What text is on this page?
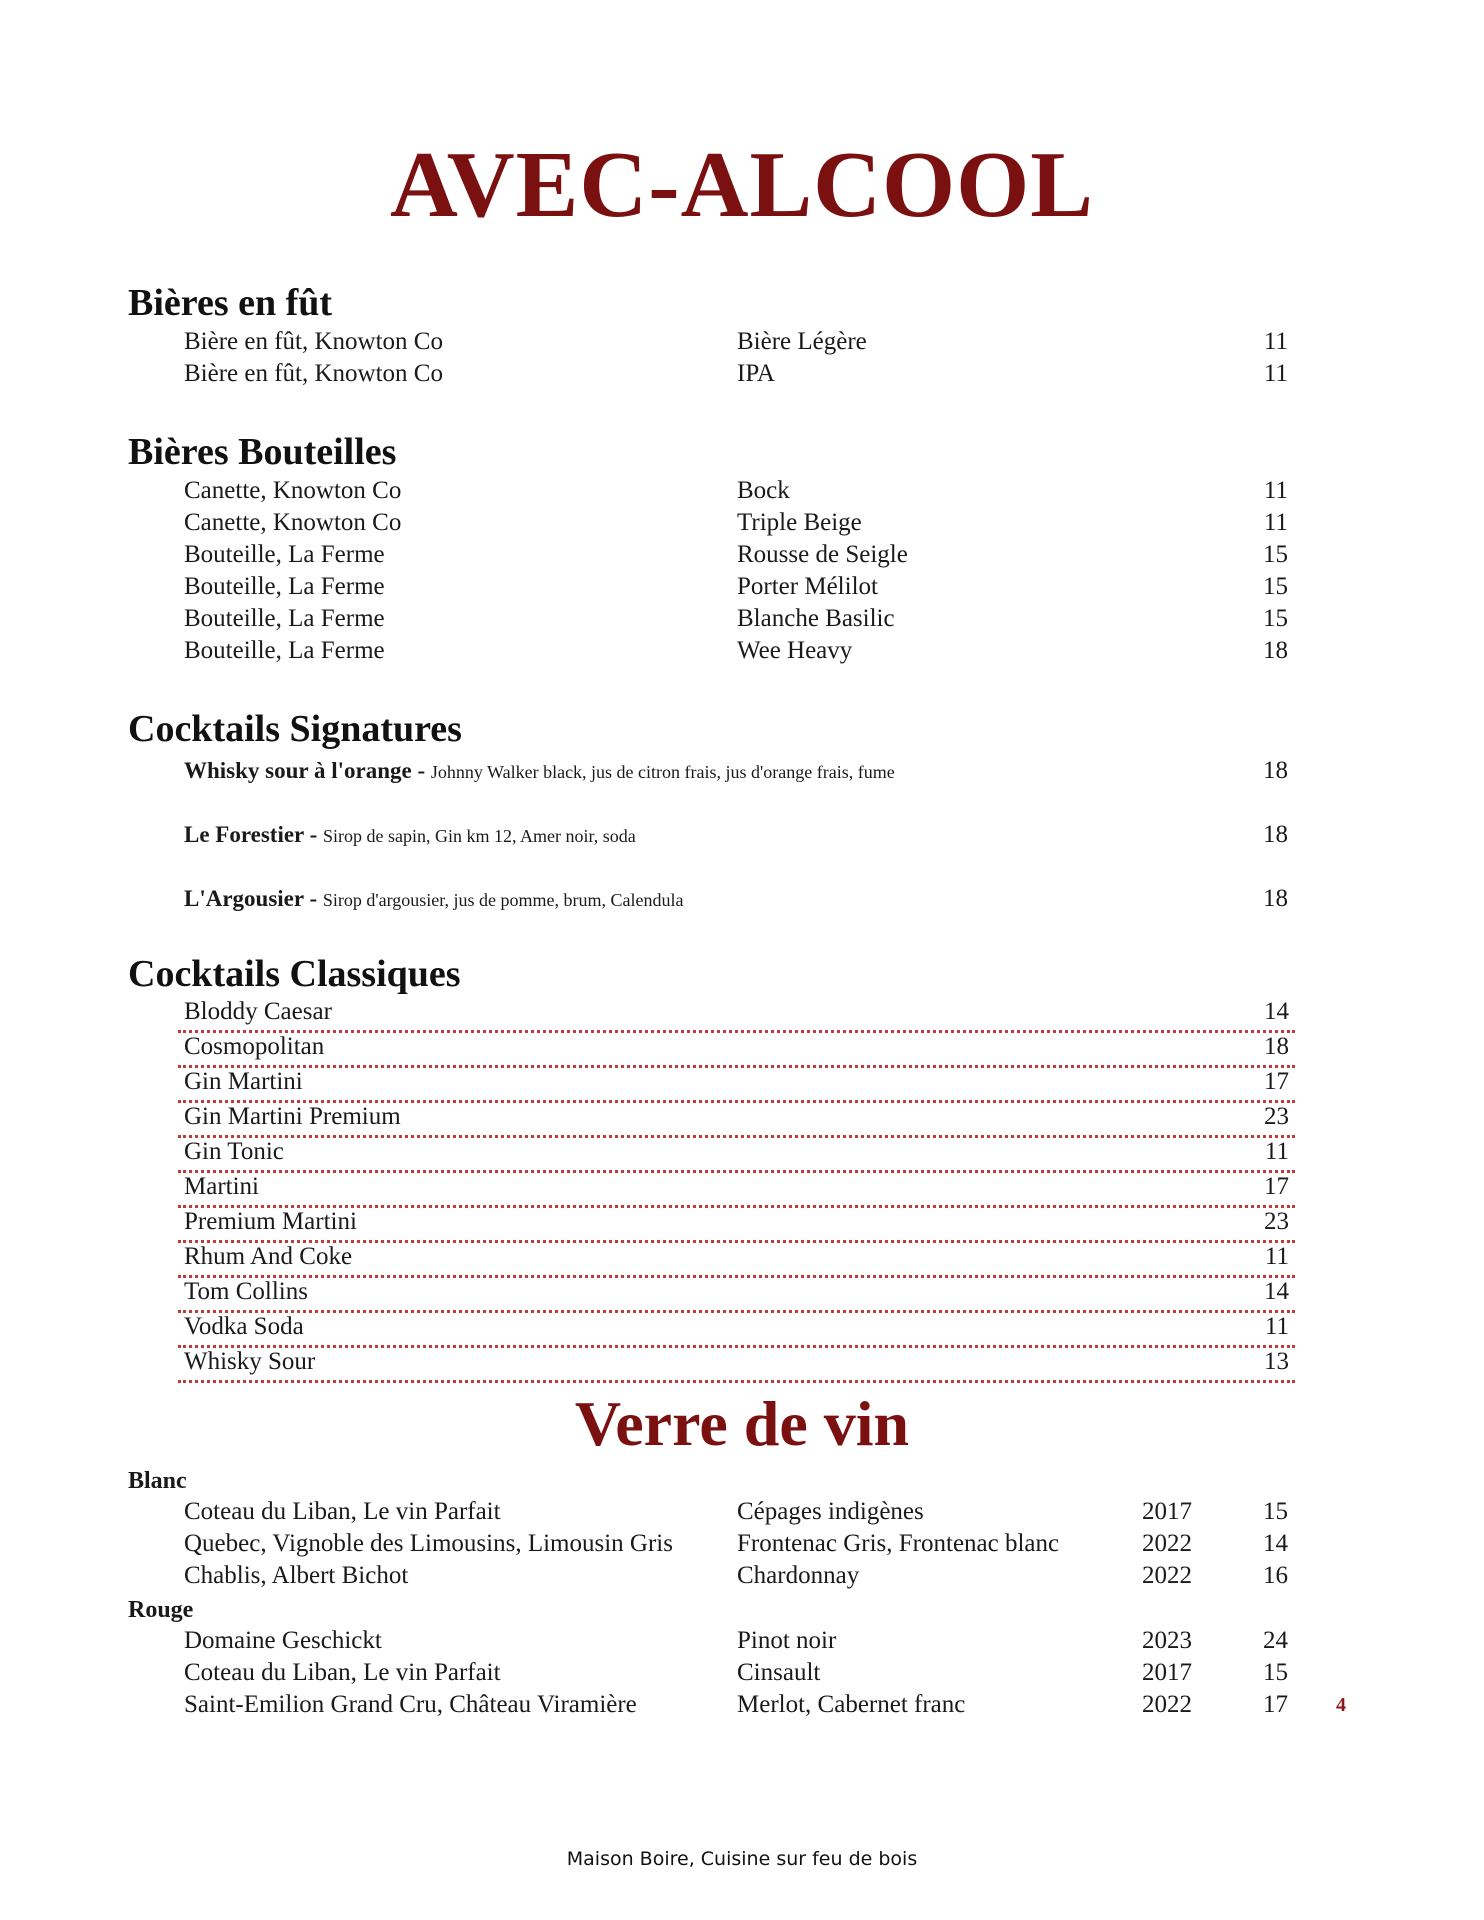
AVEC-ALCOOL
Bières en fût
Bière en fût, Knowton Co	Bière Légère	11
Bière en fût, Knowton Co	IPA	11
Bières Bouteilles
Canette, Knowton Co	Bock	11
Canette, Knowton Co	Triple Beige	11
Bouteille, La Ferme	Rousse de Seigle	15
Bouteille, La Ferme	Porter Mélilot	15
Bouteille, La Ferme	Blanche Basilic	15
Bouteille, La Ferme	Wee Heavy	18
Cocktails Signatures
Whisky sour à l'orange - Johnny Walker black, jus de citron frais, jus d'orange frais, fume	18
Le Forestier - Sirop de sapin, Gin km 12, Amer noir, soda	18
L'Argousier - Sirop d'argousier, jus de pomme, brum, Calendula	18
Cocktails Classiques
Bloddy Caesar	14
Cosmopolitan	18
Gin Martini	17
Gin Martini Premium	23
Gin Tonic	11
Martini	17
Premium Martini	23
Rhum And Coke	11
Tom Collins	14
Vodka Soda	11
Whisky Sour	13
Verre de vin
Blanc
Coteau du Liban, Le vin Parfait	Cépages indigènes	2017	15
Quebec, Vignoble des Limousins, Limousin Gris	Frontenac Gris, Frontenac blanc	2022	14
Chablis, Albert Bichot	Chardonnay	2022	16
Rouge
Domaine Geschickt	Pinot noir	2023	24
Coteau du Liban, Le vin Parfait	Cinsault	2017	15
Saint-Emilion Grand Cru, Château Viramière	Merlot, Cabernet franc	2022	17 4
Maison Boire, Cuisine sur feu de bois
